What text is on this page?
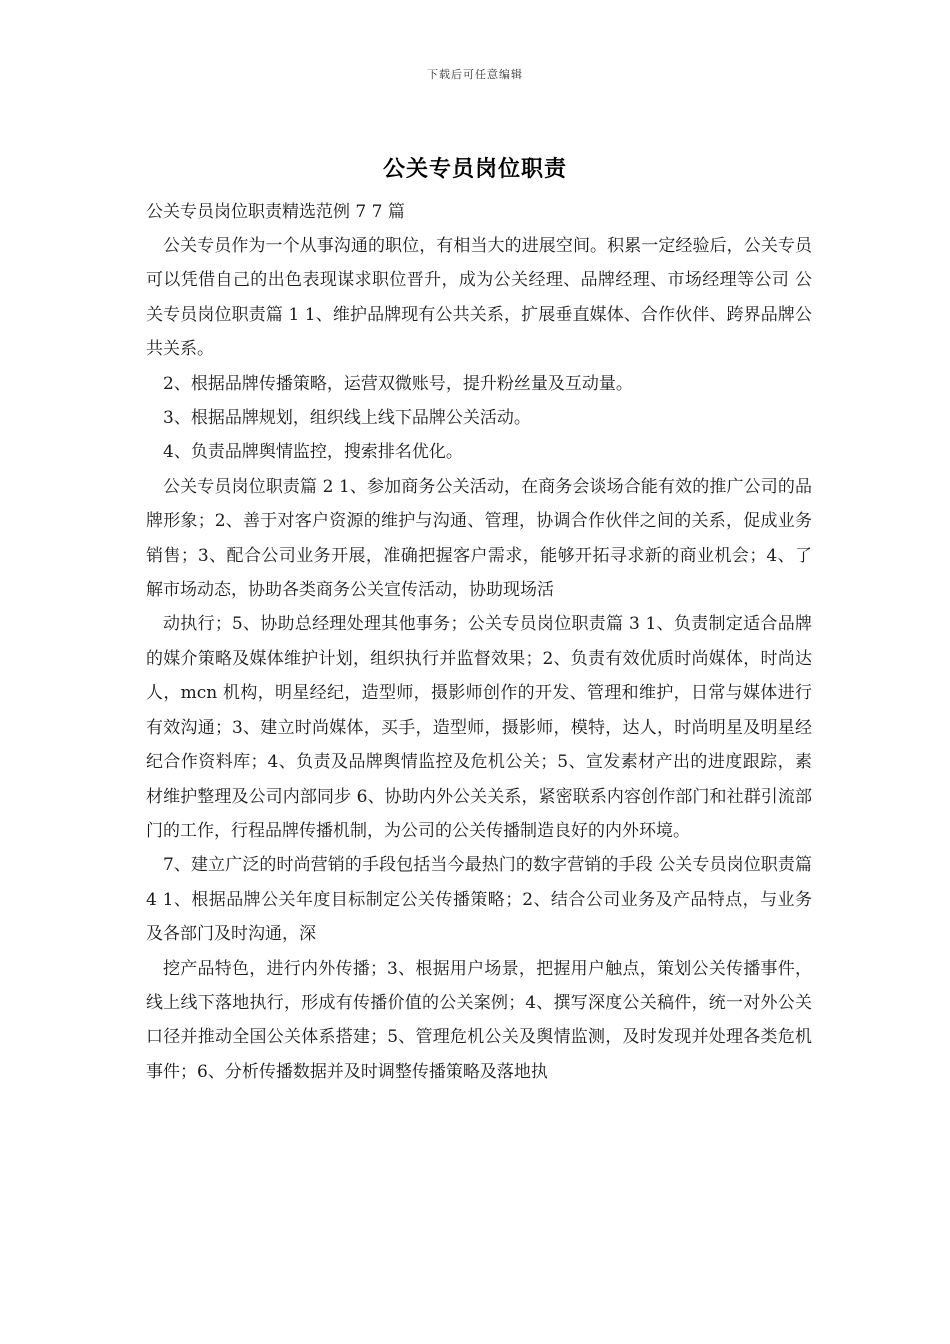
下载后可任意编辑
公关专员岗位职责

公关专员岗位职责精选范例 7 7 篇

公关专员作为一个从事沟通的职位，有相当大的进展空间。积累一定经验后，公关专员可以凭借自己的出色表现谋求职位晋升，成为公关经理、品牌经理、市场经理等公司 公关专员岗位职责篇 1 1、维护品牌现有公共关系，扩展垂直媒体、合作伙伴、跨界品牌公共关系。

2、根据品牌传播策略，运营双微账号，提升粉丝量及互动量。

3、根据品牌规划，组织线上线下品牌公关活动。

4、负责品牌舆情监控，搜索排名优化。

公关专员岗位职责篇 2 1、参加商务公关活动，在商务会谈场合能有效的推广公司的品牌形象；2、善于对客户资源的维护与沟通、管理，协调合作伙伴之间的关系，促成业务销售；3、配合公司业务开展，准确把握客户需求，能够开拓寻求新的商业机会；4、了解市场动态，协助各类商务公关宣传活动，协助现场活

动执行；5、协助总经理处理其他事务；公关专员岗位职责篇 3 1、负责制定适合品牌的媒介策略及媒体维护计划，组织执行并监督效果；2、负责有效优质时尚媒体，时尚达人，mcn 机构，明星经纪，造型师，摄影师创作的开发、管理和维护，日常与媒体进行有效沟通；3、建立时尚媒体，买手，造型师，摄影师，模特，达人，时尚明星及明星经纪合作资料库；4、负责及品牌舆情监控及危机公关；5、宣发素材产出的进度跟踪，素材维护整理及公司内部同步 6、协助内外公关关系，紧密联系内容创作部门和社群引流部门的工作，行程品牌传播机制，为公司的公关传播制造良好的内外环境。

7、建立广泛的时尚营销的手段包括当今最热门的数字营销的手段 公关专员岗位职责篇 4 1、根据品牌公关年度目标制定公关传播策略；2、结合公司业务及产品特点，与业务及各部门及时沟通，深

挖产品特色，进行内外传播；3、根据用户场景，把握用户触点，策划公关传播事件，线上线下落地执行，形成有传播价值的公关案例；4、撰写深度公关稿件，统一对外公关口径并推动全国公关体系搭建；5、管理危机公关及舆情监测，及时发现并处理各类危机事件；6、分析传播数据并及时调整传播策略及落地执
